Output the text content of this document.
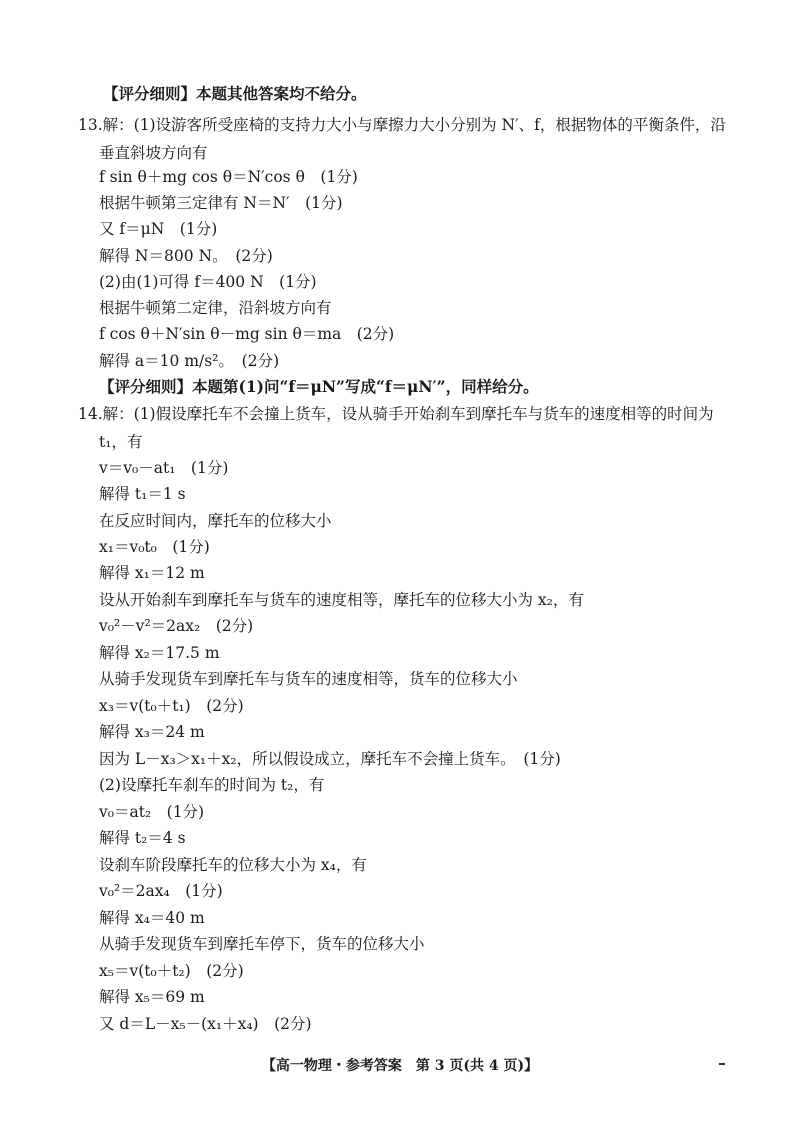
【评分细则】本题其他答案均不给分。
13.解：(1)设游客所受座椅的支持力大小与摩擦力大小分别为 N′、f，根据物体的平衡条件，沿
垂直斜坡方向有
f sin θ＋mg cos θ＝N′cos θ　(1分)
根据牛顿第三定律有 N＝N′　(1分)
又 f＝μN　(1分)
解得 N＝800 N。　(2分)
(2)由(1)可得 f＝400 N　(1分)
根据牛顿第二定律，沿斜坡方向有
f cos θ＋N′sin θ－mg sin θ＝ma　(2分)
解得 a＝10 m/s²。　(2分)
【评分细则】本题第(1)问“f＝μN”写成“f＝μN′”，同样给分。
14.解：(1)假设摩托车不会撞上货车，设从骑手开始刹车到摩托车与货车的速度相等的时间为
t₁，有
v＝v₀－at₁　(1分)
解得 t₁＝1 s
在反应时间内，摩托车的位移大小
x₁＝v₀t₀　(1分)
解得 x₁＝12 m
设从开始刹车到摩托车与货车的速度相等，摩托车的位移大小为 x₂，有
v₀²－v²＝2ax₂　(2分)
解得 x₂＝17.5 m
从骑手发现货车到摩托车与货车的速度相等，货车的位移大小
x₃＝v(t₀＋t₁)　(2分)
解得 x₃＝24 m
因为 L－x₃＞x₁＋x₂，所以假设成立，摩托车不会撞上货车。　(1分)
(2)设摩托车刹车的时间为 t₂，有
v₀＝at₂　(1分)
解得 t₂＝4 s
设刹车阶段摩托车的位移大小为 x₄，有
v₀²＝2ax₄　(1分)
解得 x₄＝40 m
从骑手发现货车到摩托车停下，货车的位移大小
x₅＝v(t₀＋t₂)　(2分)
解得 x₅＝69 m
又 d＝L－x₅－(x₁＋x₄)　(2分)
【高一物理・参考答案　第 3 页(共 4 页)】
